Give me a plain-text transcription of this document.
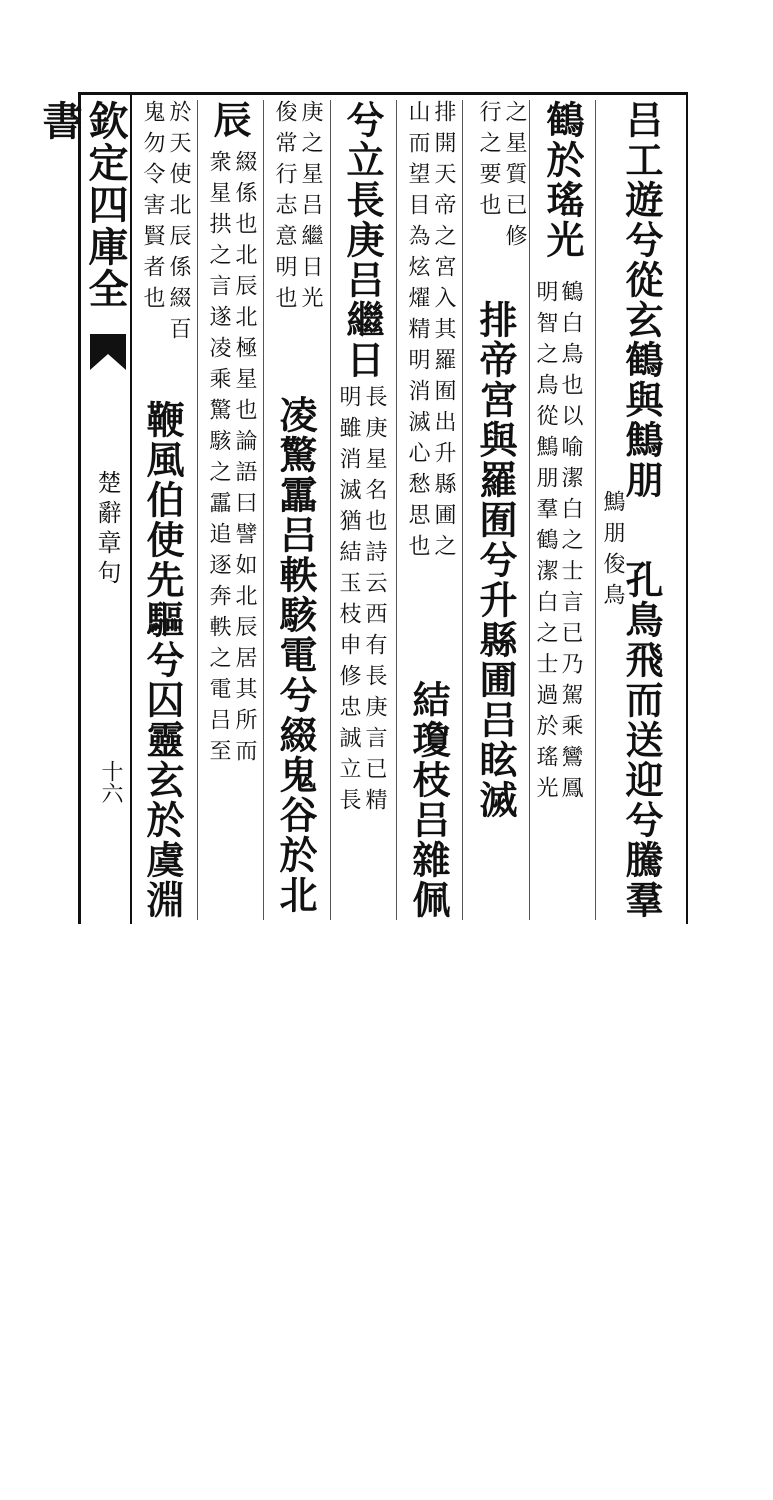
欽定四庫全書
楚辭章句
十六
吕工遊兮從玄鶴與鷦朋
鷦朋俊鳥
孔鳥飛而送迎兮騰羣
鶴於瑤光
鶴白鳥也以喻潔白之士言已乃駕乘鸞鳳
明智之鳥從鷦朋羣鶴潔白之士過於瑤光
之星質已修
行之要也
排帝宮與羅囿兮升縣圃吕眩滅
排開天帝之宮入其羅囿出升縣圃之
山而望目為炫燿精明消滅心愁思也
結瓊枝吕雜佩
兮立長庚吕繼日
長庚星名也詩云西有長庚言已精
明雖消滅猶結玉枝申修忠誠立長
庚之星吕繼日光
俊常行志意明也
凌驚靁吕軼駭電兮綴鬼谷於北
辰
綴係也北辰北極星也論語曰譬如北辰居其所而
衆星拱之言遂凌乘驚駭之靁追逐奔軼之電吕至
於天使北辰係綴百
鬼勿令害賢者也
鞭風伯使先驅兮囚靈玄於虞淵
